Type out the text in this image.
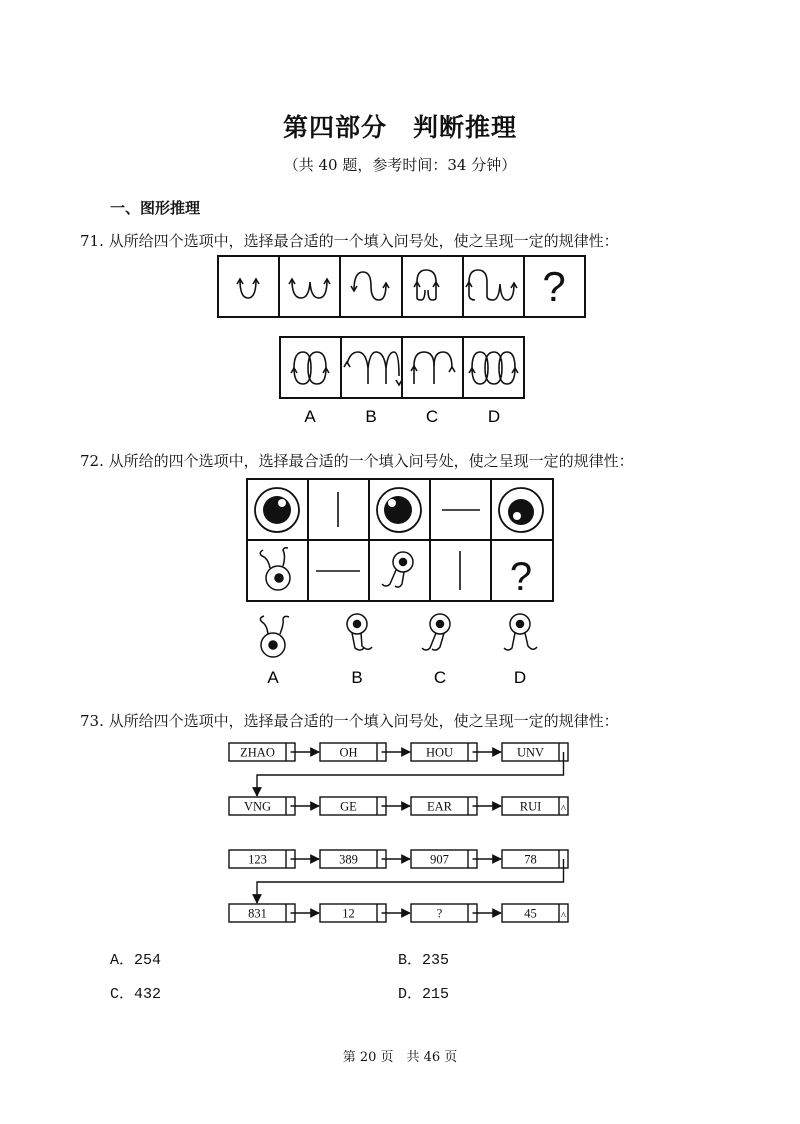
第四部分　判断推理
（共 40 题，参考时间：34 分钟）
一、图形推理
71. 从所给四个选项中，选择最合适的一个填入问号处，使之呈现一定的规律性：
?
A	B	C	D
72. 从所给的四个选项中，选择最合适的一个填入问号处，使之呈现一定的规律性：
?
A	B	C	D
73. 从所给四个选项中，选择最合适的一个填入问号处，使之呈现一定的规律性：
ZHAO	OH	HOU	UNV
VNG	GE	EAR	RUI ^
123	389	907	78
831	12	?	45 ^
A．254	B．235
C．432	D．215
第 20 页　共 46 页
